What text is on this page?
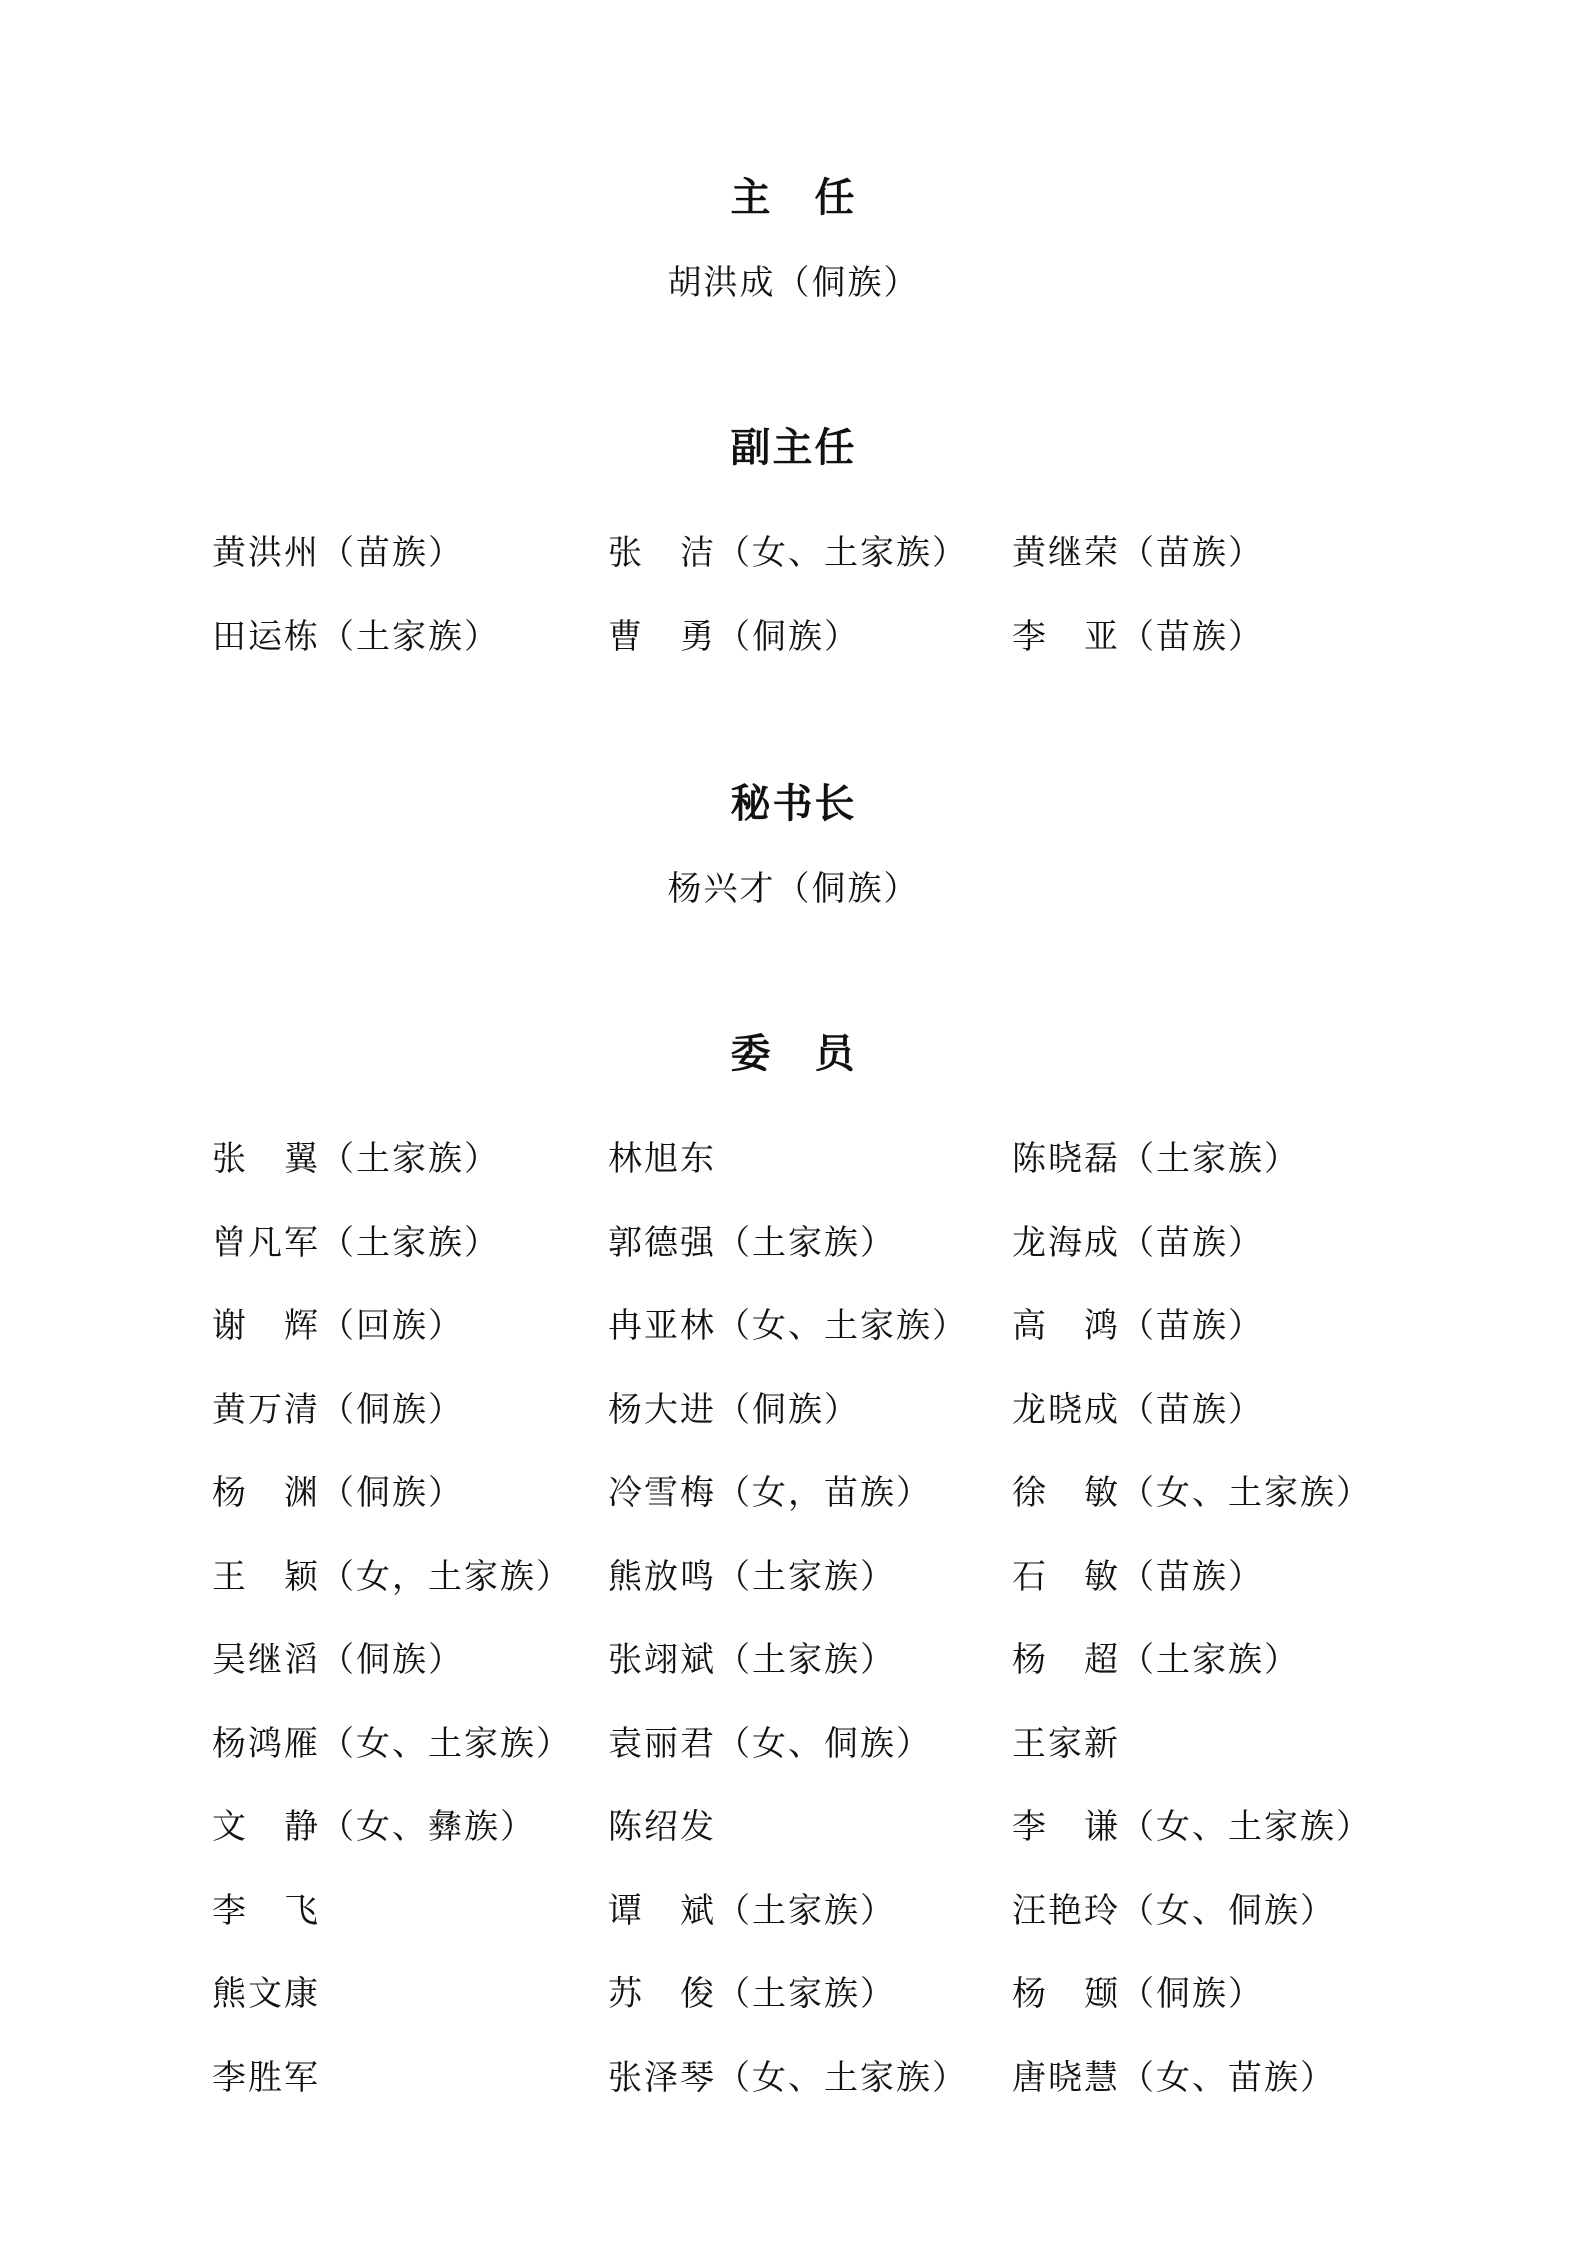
主　任
胡洪成（侗族）
副主任
黄洪州（苗族）	张　洁（女、土家族） 黄继荣（苗族）
田运栋（土家族）	曹　勇（侗族）	李　亚（苗族）
秘书长
杨兴才（侗族）
委　员
张　翼（土家族）	林旭东	陈晓磊（土家族）
曾凡军（土家族）	郭德强（土家族）	龙海成（苗族）
谢　辉（回族）	冉亚林（女、土家族） 高　鸿（苗族）
黄万清（侗族）	杨大进（侗族）	龙晓成（苗族）
杨　渊（侗族）	冷雪梅（女，苗族） 徐　敏（女、土家族）
王　颖（女，土家族） 熊放鸣（土家族）	石　敏（苗族）
吴继滔（侗族）	张翊斌（土家族）	杨　超（土家族）
杨鸿雁（女、土家族） 袁丽君（女、侗族） 王家新
文　静（女、彝族） 陈绍发	李　谦（女、土家族）
李　飞	谭　斌（土家族）	汪艳玲（女、侗族）
熊文康	苏　俊（土家族）	杨　颋（侗族）
李胜军	张泽琴（女、土家族） 唐晓慧（女、苗族）
